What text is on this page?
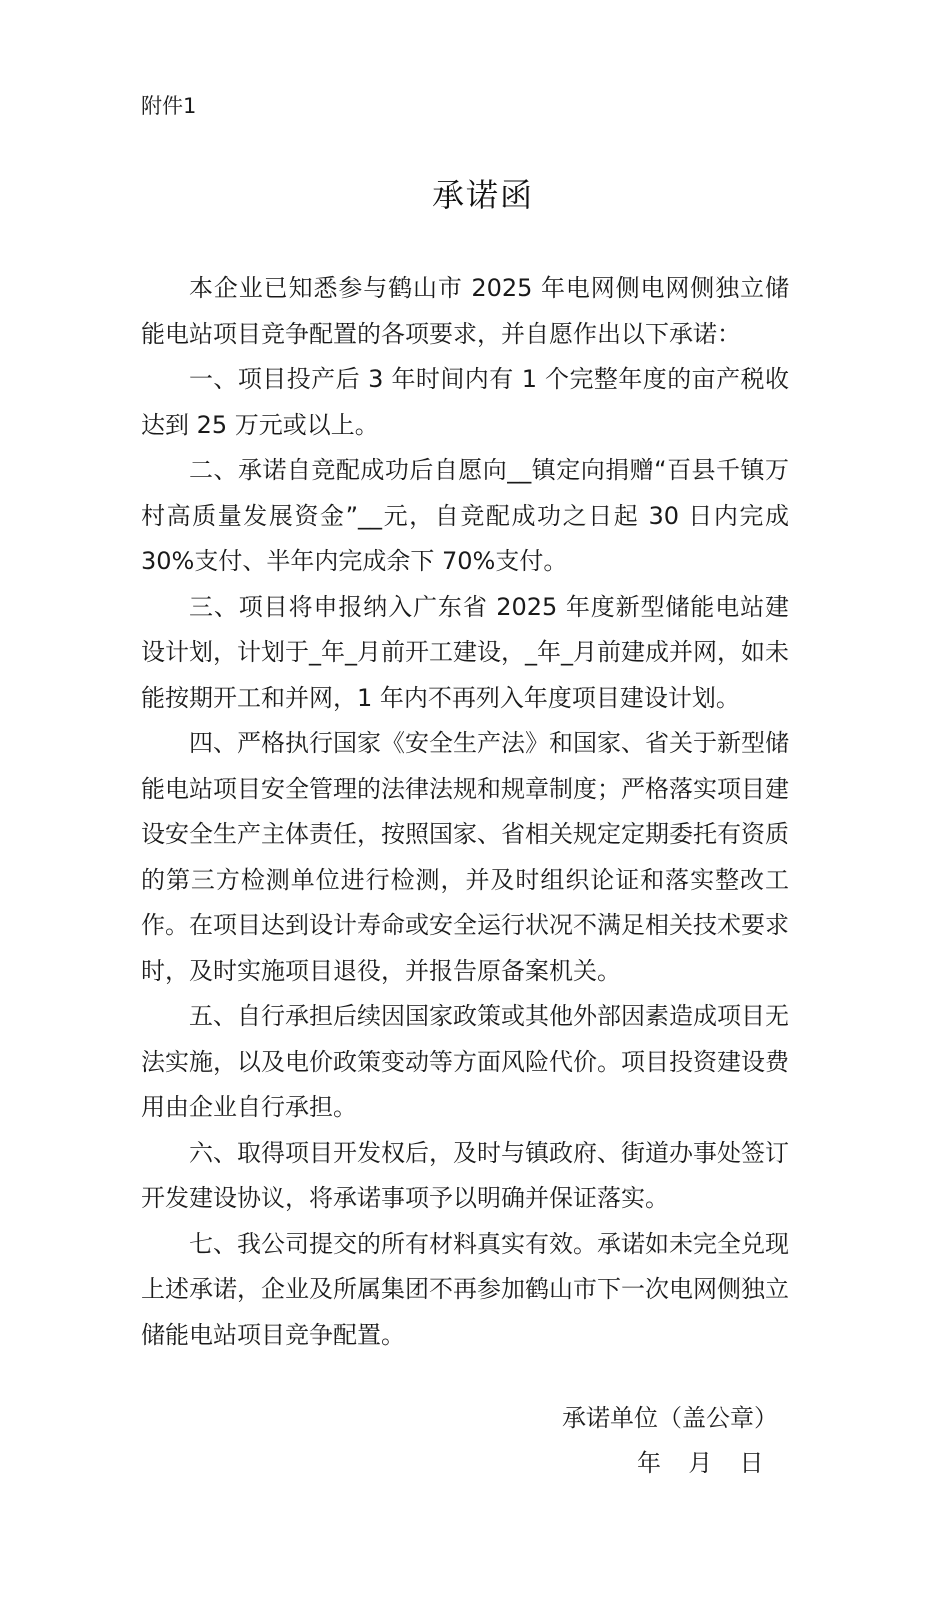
附件1
承诺函

本企业已知悉参与鹤山市 2025 年电网侧电网侧独立储能电站项目竞争配置的各项要求，并自愿作出以下承诺：

一、项目投产后 3 年时间内有 1 个完整年度的亩产税收达到 25 万元或以上。

二、承诺自竞配成功后自愿向__镇定向捐赠“百县千镇万村高质量发展资金”__元，自竞配成功之日起 30 日内完成 30%支付、半年内完成余下 70%支付。

三、项目将申报纳入广东省 2025 年度新型储能电站建设计划，计划于_年_月前开工建设，_年_月前建成并网，如未能按期开工和并网，1 年内不再列入年度项目建设计划。

四、严格执行国家《安全生产法》和国家、省关于新型储能电站项目安全管理的法律法规和规章制度；严格落实项目建设安全生产主体责任，按照国家、省相关规定定期委托有资质的第三方检测单位进行检测，并及时组织论证和落实整改工作。在项目达到设计寿命或安全运行状况不满足相关技术要求时，及时实施项目退役，并报告原备案机关。

五、自行承担后续因国家政策或其他外部因素造成项目无法实施，以及电价政策变动等方面风险代价。项目投资建设费用由企业自行承担。

六、取得项目开发权后，及时与镇政府、街道办事处签订开发建设协议，将承诺事项予以明确并保证落实。

七、我公司提交的所有材料真实有效。承诺如未完全兑现上述承诺，企业及所属集团不再参加鹤山市下一次电网侧独立储能电站项目竞争配置。

承诺单位（盖公章）
年  月  日
